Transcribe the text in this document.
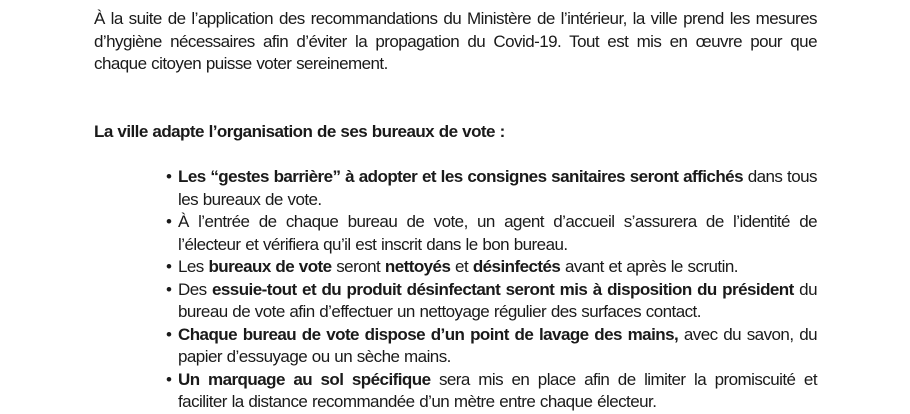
À la suite de l’application des recommandations du Ministère de l’intérieur, la ville prend les mesures d’hygiène nécessaires afin d’éviter la propagation du Covid-19. Tout est mis en œuvre pour que chaque citoyen puisse voter sereinement.

La ville adapte l’organisation de ses bureaux de vote :

• Les “gestes barrière” à adopter et les consignes sanitaires seront affichés dans tous les bureaux de vote.
• À l’entrée de chaque bureau de vote, un agent d’accueil s’assurera de l’identité de l’électeur et vérifiera qu’il est inscrit dans le bon bureau.
• Les bureaux de vote seront nettoyés et désinfectés avant et après le scrutin.
• Des essuie-tout et du produit désinfectant seront mis à disposition du président du bureau de vote afin d’effectuer un nettoyage régulier des surfaces contact.
• Chaque bureau de vote dispose d’un point de lavage des mains, avec du savon, du papier d’essuyage ou un sèche mains.
• Un marquage au sol spécifique sera mis en place afin de limiter la promiscuité et faciliter la distance recommandée d’un mètre entre chaque électeur.
